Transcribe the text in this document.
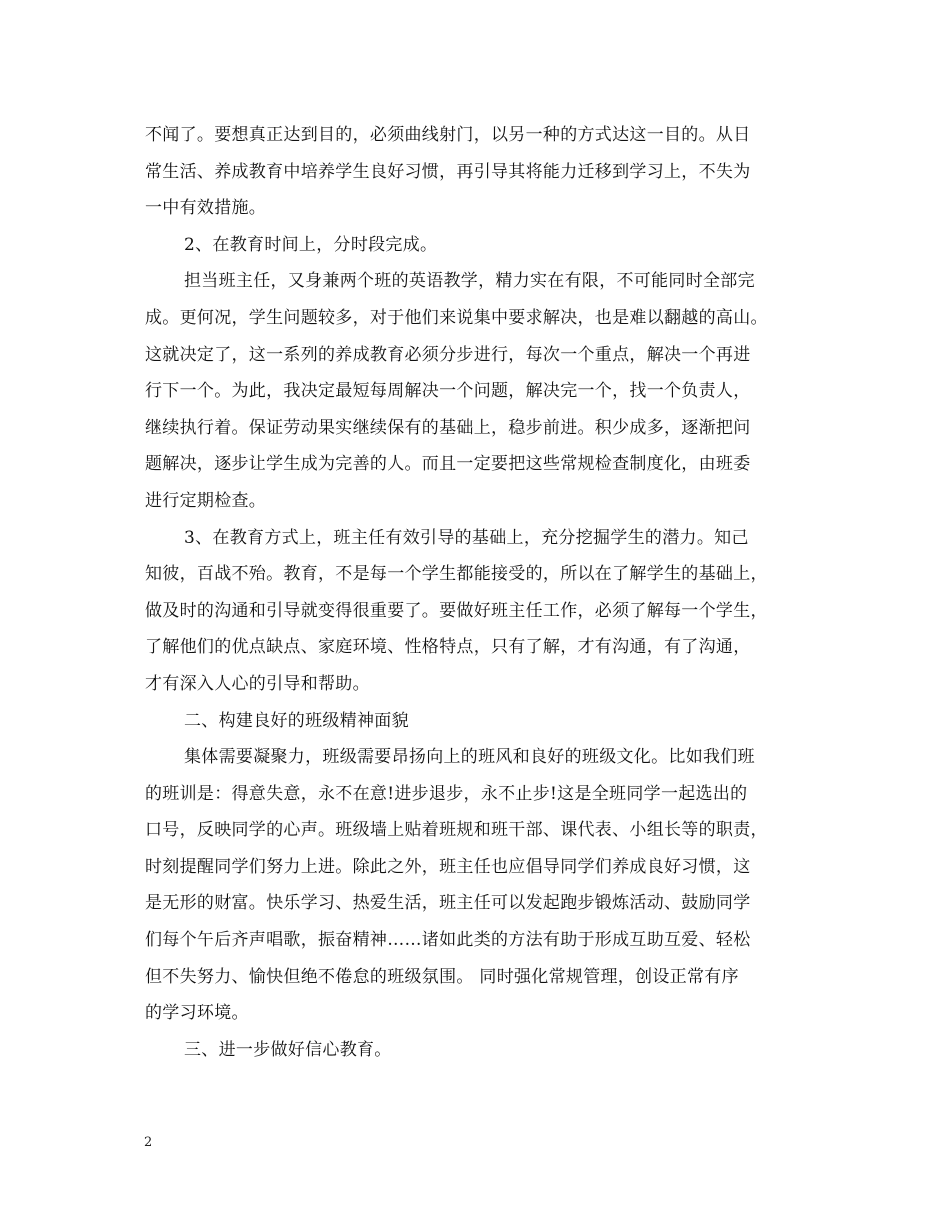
不闻了。要想真正达到目的，必须曲线射门，以另一种的方式达这一目的。从日
常生活、养成教育中培养学生良好习惯，再引导其将能力迁移到学习上，不失为
一中有效措施。
2、在教育时间上，分时段完成。
担当班主任，又身兼两个班的英语教学，精力实在有限，不可能同时全部完
成。更何况，学生问题较多，对于他们来说集中要求解决，也是难以翻越的高山。
这就决定了，这一系列的养成教育必须分步进行，每次一个重点，解决一个再进
行下一个。为此，我决定最短每周解决一个问题，解决完一个，找一个负责人，
继续执行着。保证劳动果实继续保有的基础上，稳步前进。积少成多，逐渐把问
题解决，逐步让学生成为完善的人。而且一定要把这些常规检查制度化，由班委
进行定期检查。
3、在教育方式上，班主任有效引导的基础上，充分挖掘学生的潜力。知己
知彼，百战不殆。教育，不是每一个学生都能接受的，所以在了解学生的基础上，
做及时的沟通和引导就变得很重要了。要做好班主任工作，必须了解每一个学生，
了解他们的优点缺点、家庭环境、性格特点，只有了解，才有沟通，有了沟通，
才有深入人心的引导和帮助。
二、构建良好的班级精神面貌
集体需要凝聚力，班级需要昂扬向上的班风和良好的班级文化。比如我们班
的班训是：得意失意，永不在意!进步退步，永不止步!这是全班同学一起选出的
口号，反映同学的心声。班级墙上贴着班规和班干部、课代表、小组长等的职责，
时刻提醒同学们努力上进。除此之外，班主任也应倡导同学们养成良好习惯，这
是无形的财富。快乐学习、热爱生活，班主任可以发起跑步锻炼活动、鼓励同学
们每个午后齐声唱歌，振奋精神……诸如此类的方法有助于形成互助互爱、轻松
但不失努力、愉快但绝不倦怠的班级氛围。 同时强化常规管理，创设正常有序
的学习环境。
三、进一步做好信心教育。
2
